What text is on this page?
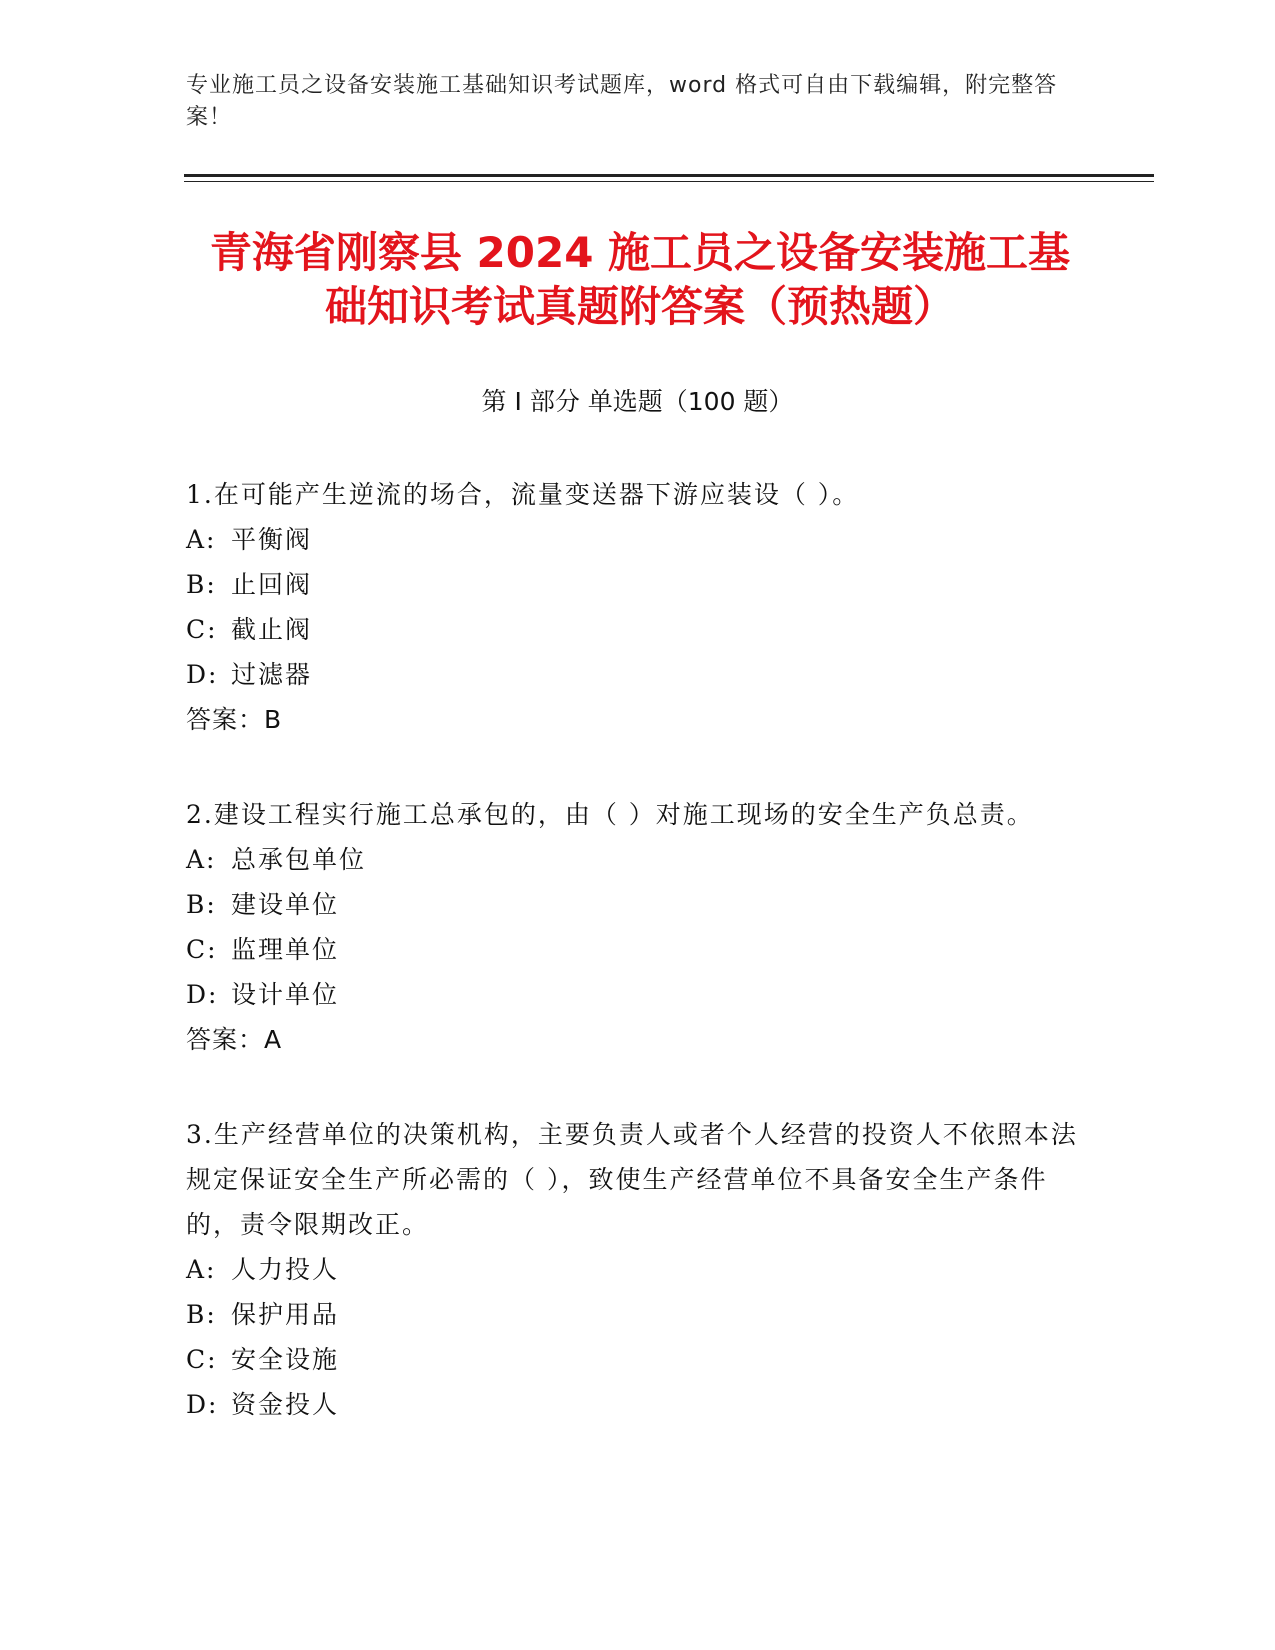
专业施工员之设备安装施工基础知识考试题库，word 格式可自由下载编辑，附完整答案！
青海省刚察县 2024 施工员之设备安装施工基
础知识考试真题附答案（预热题）
第 I 部分 单选题（100 题）

1.在可能产生逆流的场合，流量变送器下游应装设（ ）。

A: 平衡阀

B: 止回阀

C: 截止阀

D: 过滤器

答案：B

2.建设工程实行施工总承包的，由（ ）对施工现场的安全生产负总责。

A: 总承包单位

B: 建设单位

C: 监理单位

D: 设计单位

答案：A

3.生产经营单位的决策机构，主要负责人或者个人经营的投资人不依照本法规定保证安全生产所必需的（ ），致使生产经营单位不具备安全生产条件的，责令限期改正。

A: 人力投人

B: 保护用品

C: 安全设施

D: 资金投人
